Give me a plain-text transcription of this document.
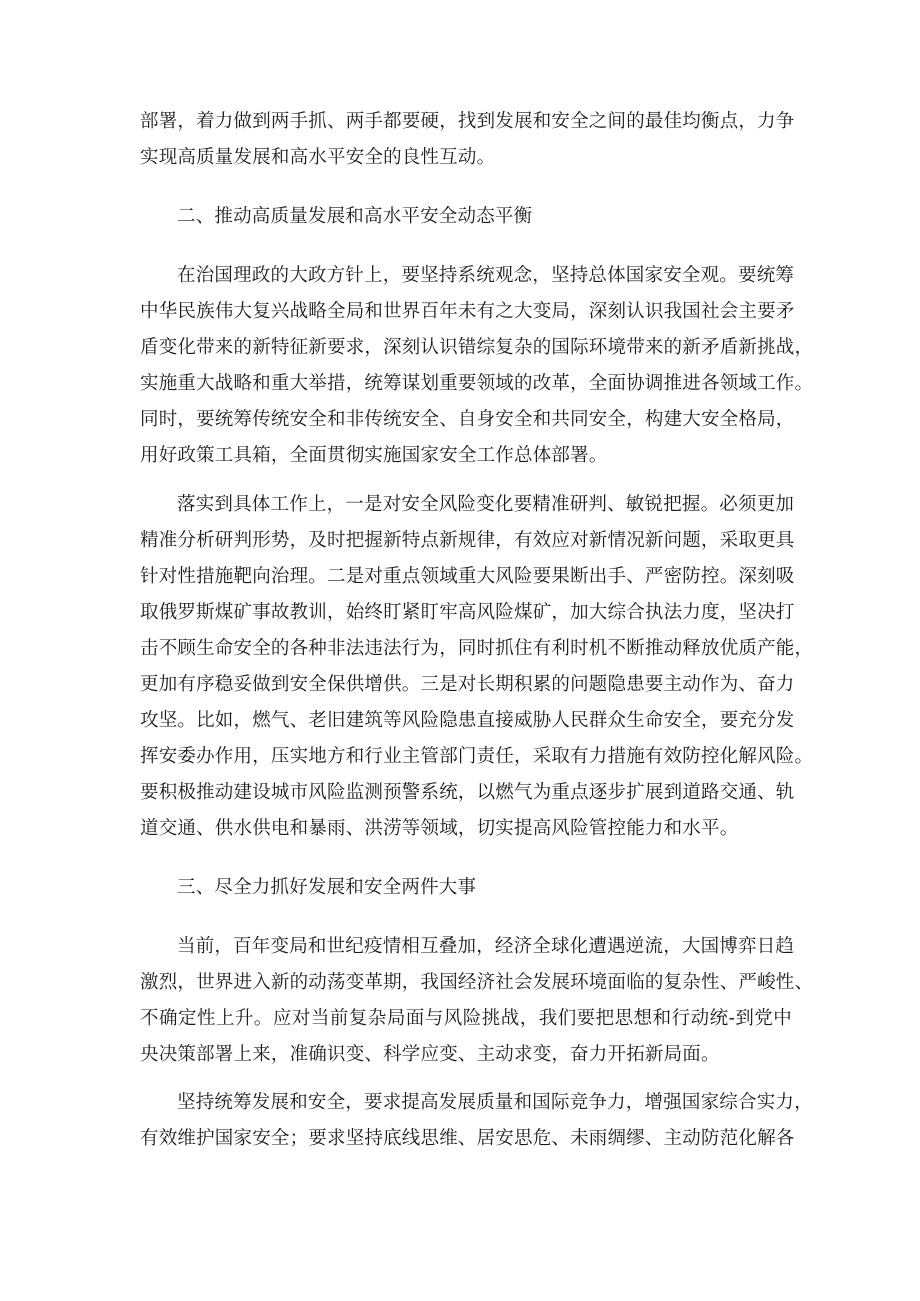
部署，着力做到两手抓、两手都要硬，找到发展和安全之间的最佳均衡点，力争
实现高质量发展和高水平安全的良性互动。
二、推动高质量发展和高水平安全动态平衡
在治国理政的大政方针上，要坚持系统观念，坚持总体国家安全观。要统筹
中华民族伟大复兴战略全局和世界百年未有之大变局，深刻认识我国社会主要矛
盾变化带来的新特征新要求，深刻认识错综复杂的国际环境带来的新矛盾新挑战，
实施重大战略和重大举措，统筹谋划重要领域的改革，全面协调推进各领域工作。
同时，要统筹传统安全和非传统安全、自身安全和共同安全，构建大安全格局，
用好政策工具箱，全面贯彻实施国家安全工作总体部署。
落实到具体工作上，一是对安全风险变化要精准研判、敏锐把握。必须更加
精准分析研判形势，及时把握新特点新规律，有效应对新情况新问题，采取更具
针对性措施靶向治理。二是对重点领域重大风险要果断出手、严密防控。深刻吸
取俄罗斯煤矿事故教训，始终盯紧盯牢高风险煤矿，加大综合执法力度，坚决打
击不顾生命安全的各种非法违法行为，同时抓住有利时机不断推动释放优质产能，
更加有序稳妥做到安全保供增供。三是对长期积累的问题隐患要主动作为、奋力
攻坚。比如，燃气、老旧建筑等风险隐患直接威胁人民群众生命安全，要充分发
挥安委办作用，压实地方和行业主管部门责任，采取有力措施有效防控化解风险。
要积极推动建设城市风险监测预警系统，以燃气为重点逐步扩展到道路交通、轨
道交通、供水供电和暴雨、洪涝等领域，切实提高风险管控能力和水平。
三、尽全力抓好发展和安全两件大事
当前，百年变局和世纪疫情相互叠加，经济全球化遭遇逆流，大国博弈日趋
激烈，世界进入新的动荡变革期，我国经济社会发展环境面临的复杂性、严峻性、
不确定性上升。应对当前复杂局面与风险挑战，我们要把思想和行动统-到党中
央决策部署上来，准确识变、科学应变、主动求变，奋力开拓新局面。
坚持统筹发展和安全，要求提高发展质量和国际竞争力，增强国家综合实力，
有效维护国家安全；要求坚持底线思维、居安思危、未雨绸缪、主动防范化解各
